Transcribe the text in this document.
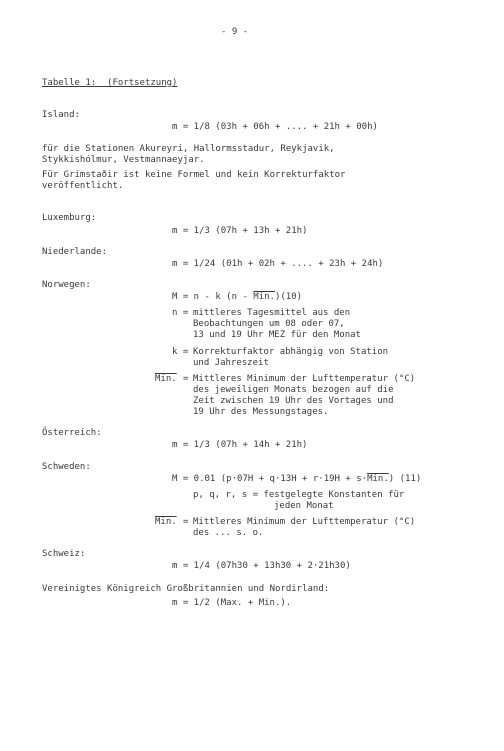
- 9 -
Tabelle 1:  (Fortsetzung)
Island:
m = 1/8 (03h + 06h + .... + 21h + 00h)
für die Stationen Akureyri, Hallormsstadur, Reykjavik,
Stykkishólmur, Vestmannaeyjar.
Für Grimstaðir ist keine Formel und kein Korrekturfaktor
veröffentlicht.
Luxemburg:
m = 1/3 (07h + 13h + 21h)
Niederlande:
m = 1/24 (01h + 02h + .... + 23h + 24h)
Norwegen:
M = n - k (n - Min.)(10)
n = mittleres Tagesmittel aus den
Beobachtungen um 08 oder 07,
13 und 19 Uhr MEZ für den Monat
k = Korrekturfaktor abhängig von Station
und Jahreszeit
Min. = Mittleres Minimum der Lufttemperatur (°C)
des jeweiligen Monats bezogen auf die
Zeit zwischen 19 Uhr des Vortages und
19 Uhr des Messungstages.
Österreich:
m = 1/3 (07h + 14h + 21h)
Schweden:
M = 0.01 (p·07H + q·13H + r·19H + s·Min.) (11)
p, q, r, s = festgelegte Konstanten für
jeden Monat
Min. = Mittleres Minimum der Lufttemperatur (°C)
des ... s. o.
Schweiz:
m = 1/4 (07h30 + 13h30 + 2·21h30)
Vereinigtes Königreich Großbritannien und Nordirland:
m = 1/2 (Max. + Min.).
